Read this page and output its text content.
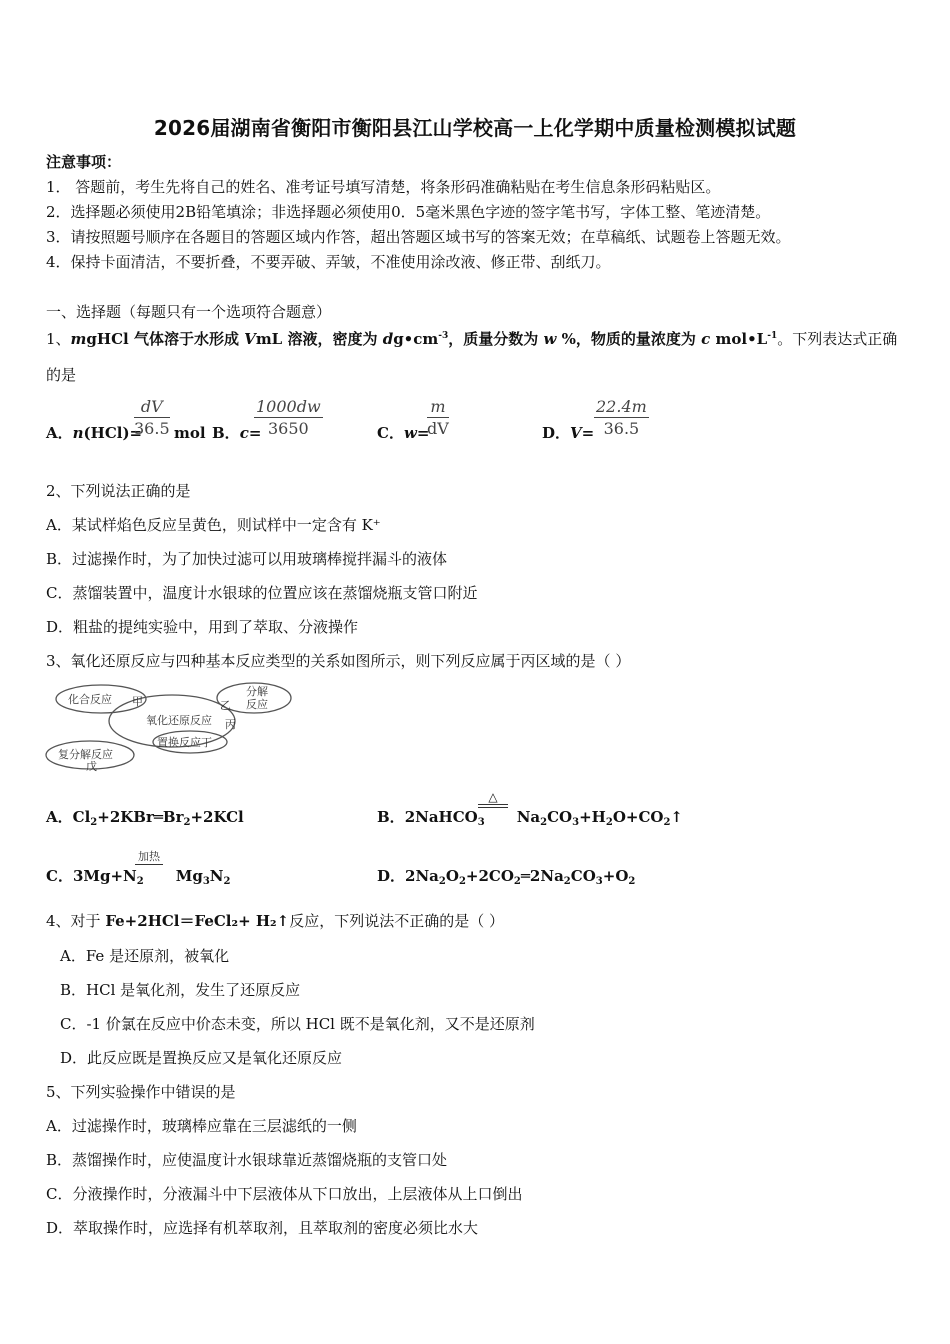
2026届湖南省衡阳市衡阳县江山学校高一上化学期中质量检测模拟试题
注意事项：
1． 答题前，考生先将自己的姓名、准考证号填写清楚，将条形码准确粘贴在考生信息条形码粘贴区。
2．选择题必须使用2B铅笔填涂；非选择题必须使用0．5毫米黑色字迹的签字笔书写，字体工整、笔迹清楚。
3．请按照题号顺序在各题目的答题区域内作答，超出答题区域书写的答案无效；在草稿纸、试题卷上答题无效。
4．保持卡面清洁，不要折叠，不要弄破、弄皱，不准使用涂改液、修正带、刮纸刀。
一、选择题（每题只有一个选项符合题意）
1、mgHCl 气体溶于水形成 VmL 溶液，密度为 $dg•cm^{-3}$，质量分数为 w %，物质的量浓度为 c $mol•L^{-1}$。下列表达式正确
的是
A．n(HCl)=
$\frac{dV}{36.5}$ mol B．c=
$\frac{1000dw}{3650}$	C．w=
$\frac{m}{dV}$	D．$V= \frac{22.4m}{36.5}$
2、下列说法正确的是
A．某试样焰色反应呈黄色，则试样中一定含有 K⁺
B．过滤操作时，为了加快过滤可以用玻璃棒搅拌漏斗的液体
C．蒸馏装置中，温度计水银球的位置应该在蒸馏烧瓶支管口附近
D．粗盐的提纯实验中，用到了萃取、分液操作
3、氧化还原反应与四种基本反应类型的关系如图所示，则下列反应属于丙区域的是（ ）
化合反应 甲
氧化还原反应
乙
分解
反应
丙
置换反应丁
复分解反应
戊
A．$Cl_2+2KBr═Br_2+2KCl$	B．2NaHCO$_3$ $Na_2CO_3+H_2O+CO_2↑$
△
C．$3Mg+N_2$ $Mg_3N_2$
加热
D．$2Na_2O_2+2CO_2═2Na_2CO_3+O_2$
4、对于 Fe+2HCl＝FeCl₂+ H₂↑反应，下列说法不正确的是（ ）
A．Fe 是还原剂，被氧化
B．HCl 是氧化剂，发生了还原反应
C．-1 价氯在反应中价态未变，所以 HCl 既不是氧化剂，又不是还原剂
D．此反应既是置换反应又是氧化还原反应
5、下列实验操作中错误的是
A．过滤操作时，玻璃棒应靠在三层滤纸的一侧
B．蒸馏操作时，应使温度计水银球靠近蒸馏烧瓶的支管口处
C．分液操作时，分液漏斗中下层液体从下口放出，上层液体从上口倒出
D．萃取操作时，应选择有机萃取剂，且萃取剂的密度必须比水大
